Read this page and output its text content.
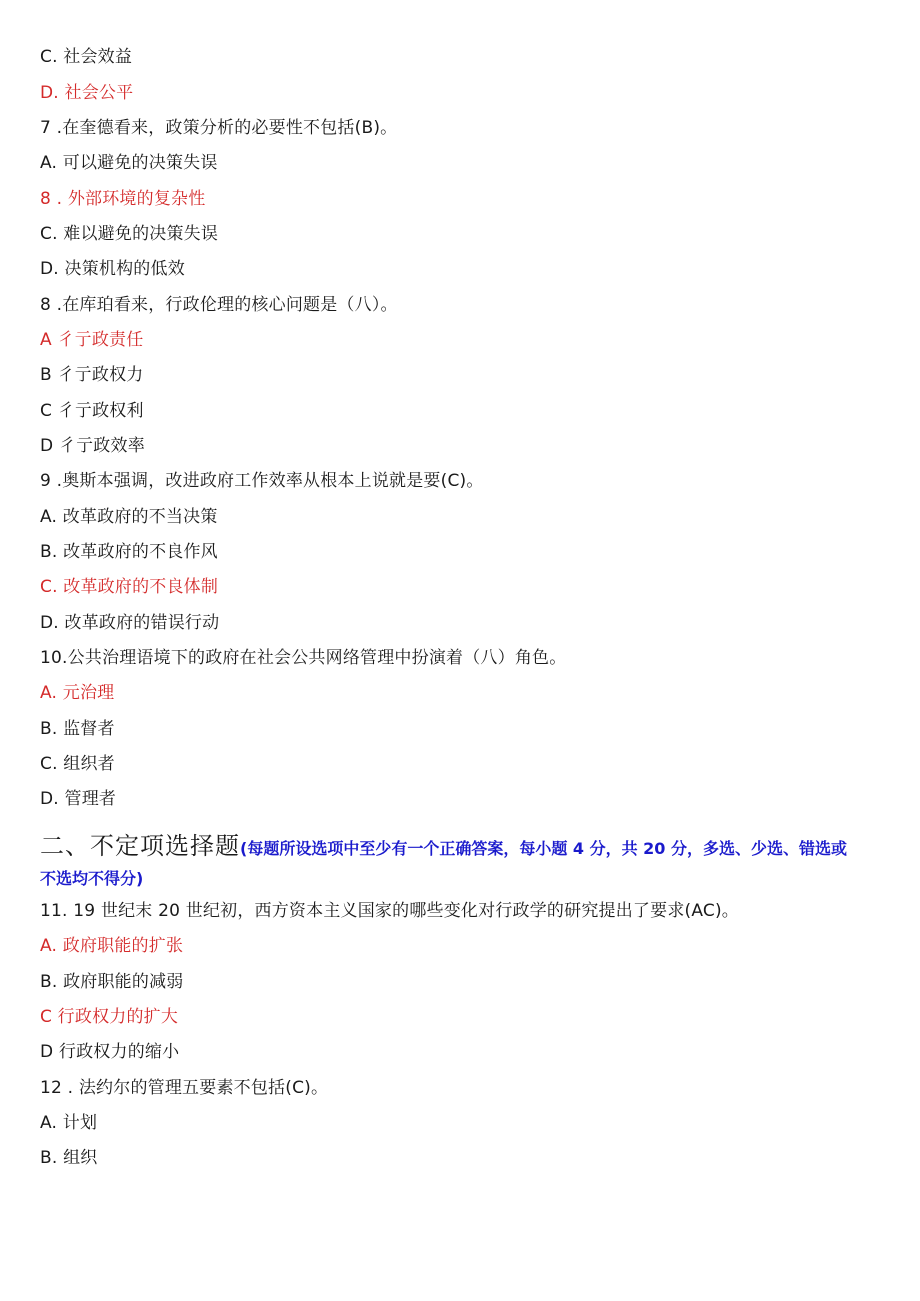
C. 社会效益
D. 社会公平
7 .在奎德看来，政策分析的必要性不包括(B)。
A. 可以避免的决策失误
8 . 外部环境的复杂性
C. 难以避免的决策失误
D. 决策机构的低效
8 .在库珀看来，行政伦理的核心问题是（八）。
A 彳亍政责任
B 彳亍政权力
C 彳亍政权利
D 彳亍政效率
9 .奥斯本强调，改进政府工作效率从根本上说就是要(C)。
A. 改革政府的不当决策
B. 改革政府的不良作风
C. 改革政府的不良体制
D. 改革政府的错误行动
10.公共治理语境下的政府在社会公共网络管理中扮演着（八）角色。
A. 元治理
B. 监督者
C. 组织者
D. 管理者
二、不定项选择题(每题所设选项中至少有一个正确答案，每小题 4 分，共 20 分，多选、少选、错选或
不选均不得分)
11. 19 世纪末 20 世纪初，西方资本主义国家的哪些变化对行政学的研究提出了要求(AC)。
A. 政府职能的扩张
B. 政府职能的减弱
C 行政权力的扩大
D 行政权力的缩小
12 . 法约尔的管理五要素不包括(C)。
A. 计划
B. 组织
